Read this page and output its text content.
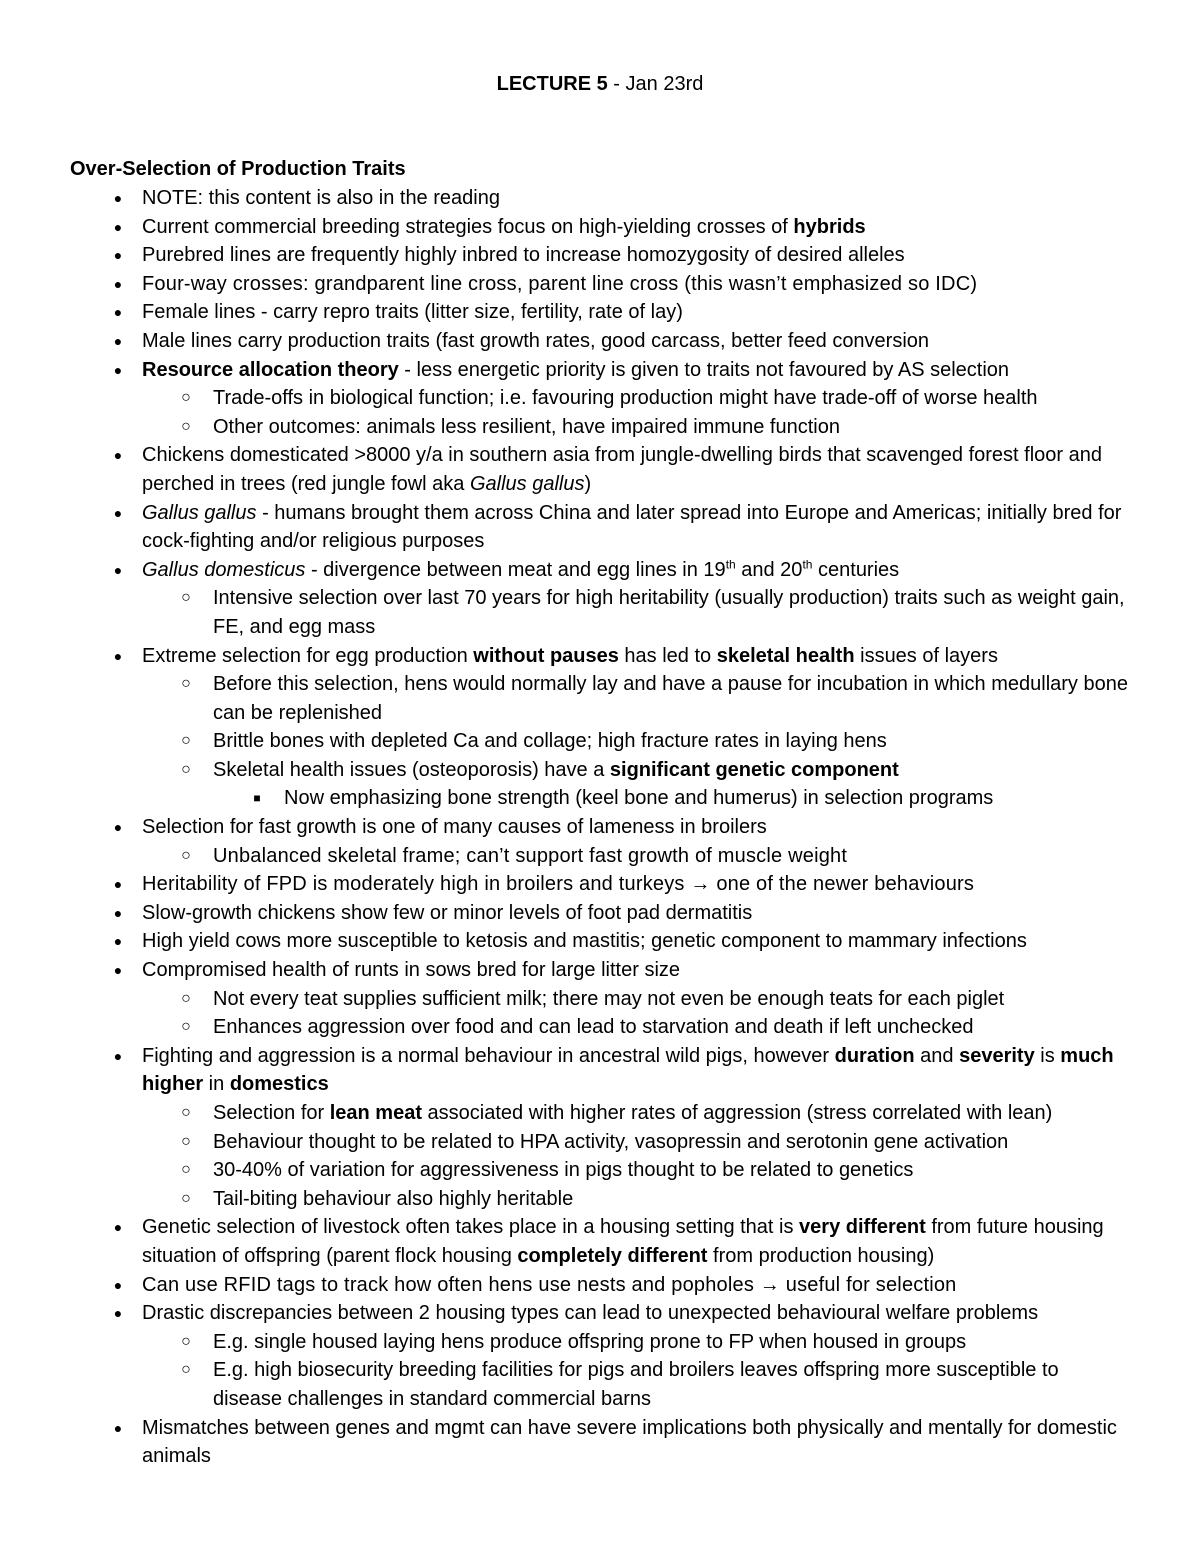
LECTURE 5 - Jan 23rd
Over-Selection of Production Traits
● NOTE: this content is also in the reading
● Current commercial breeding strategies focus on high-yielding crosses of hybrids
● Purebred lines are frequently highly inbred to increase homozygosity of desired alleles
● Four-way crosses: grandparent line cross, parent line cross (this wasn’t emphasized so IDC)
● Female lines - carry repro traits (litter size, fertility, rate of lay)
● Male lines carry production traits (fast growth rates, good carcass, better feed conversion
● Resource allocation theory - less energetic priority is given to traits not favoured by AS selection
○ Trade-offs in biological function; i.e. favouring production might have trade-off of worse health
○ Other outcomes: animals less resilient, have impaired immune function
● Chickens domesticated >8000 y/a in southern asia from jungle-dwelling birds that scavenged forest floor and perched in trees (red jungle fowl aka Gallus gallus)
● Gallus gallus - humans brought them across China and later spread into Europe and Americas; initially bred for cock-fighting and/or religious purposes
● Gallus domesticus - divergence between meat and egg lines in 19th and 20th centuries
○ Intensive selection over last 70 years for high heritability (usually production) traits such as weight gain, FE, and egg mass
● Extreme selection for egg production without pauses has led to skeletal health issues of layers
○ Before this selection, hens would normally lay and have a pause for incubation in which medullary bone can be replenished
○ Brittle bones with depleted Ca and collage; high fracture rates in laying hens
○ Skeletal health issues (osteoporosis) have a significant genetic component
■	Now emphasizing bone strength (keel bone and humerus) in selection programs
● Selection for fast growth is one of many causes of lameness in broilers
○ Unbalanced skeletal frame; can’t support fast growth of muscle weight
● Heritability of FPD is moderately high in broilers and turkeys → one of the newer behaviours
● Slow-growth chickens show few or minor levels of foot pad dermatitis
● High yield cows more susceptible to ketosis and mastitis; genetic component to mammary infections
● Compromised health of runts in sows bred for large litter size
○ Not every teat supplies sufficient milk; there may not even be enough teats for each piglet
○ Enhances aggression over food and can lead to starvation and death if left unchecked
● Fighting and aggression is a normal behaviour in ancestral wild pigs, however duration and severity is much higher in domestics
○ Selection for lean meat associated with higher rates of aggression (stress correlated with lean)
○ Behaviour thought to be related to HPA activity, vasopressin and serotonin gene activation
○ 30-40% of variation for aggressiveness in pigs thought to be related to genetics
○ Tail-biting behaviour also highly heritable
● Genetic selection of livestock often takes place in a housing setting that is very different from future housing situation of offspring (parent flock housing completely different from production housing)
● Can use RFID tags to track how often hens use nests and popholes → useful for selection
● Drastic discrepancies between 2 housing types can lead to unexpected behavioural welfare problems
○ E.g. single housed laying hens produce offspring prone to FP when housed in groups
○ E.g. high biosecurity breeding facilities for pigs and broilers leaves offspring more susceptible to disease challenges in standard commercial barns
● Mismatches between genes and mgmt can have severe implications both physically and mentally for domestic animals
